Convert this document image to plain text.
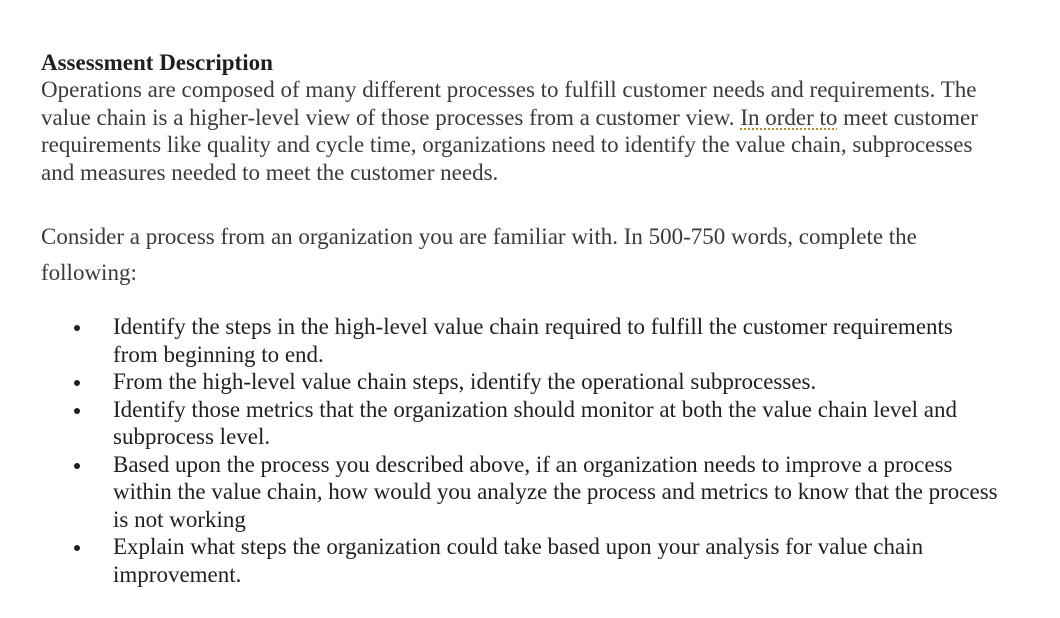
Assessment Description

Operations are composed of many different processes to fulfill customer needs and requirements. The value chain is a higher-level view of those processes from a customer view. In order to meet customer requirements like quality and cycle time, organizations need to identify the value chain, subprocesses and measures needed to meet the customer needs.

Consider a process from an organization you are familiar with. In 500-750 words, complete the following:

Identify the steps in the high-level value chain required to fulfill the customer requirements from beginning to end.
From the high-level value chain steps, identify the operational subprocesses.
Identify those metrics that the organization should monitor at both the value chain level and subprocess level.
Based upon the process you described above, if an organization needs to improve a process within the value chain, how would you analyze the process and metrics to know that the process is not working
Explain what steps the organization could take based upon your analysis for value chain improvement.
